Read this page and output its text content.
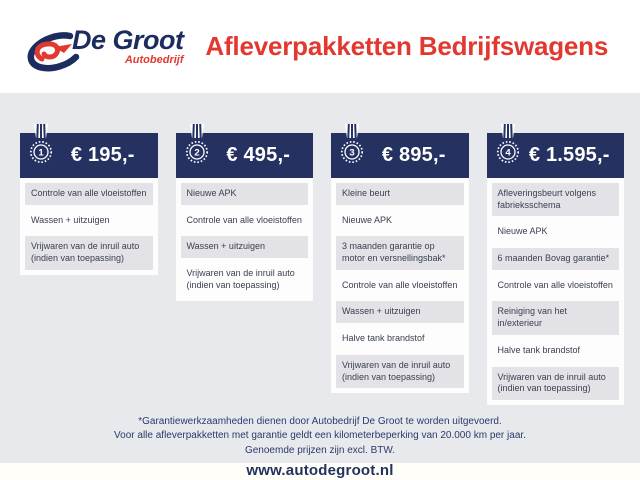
De Groot
Autobedrijf Afleverpakketten Bedrijfswagens
1	€ 195,-
Controle van alle vloeistoffen
Wassen + uitzuigen
Vrijwaren van de inruil auto (indien van toepassing)
2	€ 495,-
Nieuwe APK
Controle van alle vloeistoffen
Wassen + uitzuigen
Vrijwaren van de inruil auto (indien van toepassing)
3	€ 895,-
Kleine beurt
Nieuwe APK
3 maanden garantie op motor en versnellingsbak*
Controle van alle vloeistoffen
Wassen + uitzuigen
Halve tank brandstof
Vrijwaren van de inruil auto (indien van toepassing)
4 € 1.595,-
Afleveringsbeurt volgens fabrieksschema
Nieuwe APK
6 maanden Bovag garantie*
Controle van alle vloeistoffen
Reiniging van het in/exterieur
Halve tank brandstof
Vrijwaren van de inruil auto (indien van toepassing)
*Garantiewerkzaamheden dienen door Autobedrijf De Groot te worden uitgevoerd.
Voor alle afleverpakketten met garantie geldt een kilometerbeperking van 20.000 km per jaar.
Genoemde prijzen zijn excl. BTW.
www.autodegroot.nl
